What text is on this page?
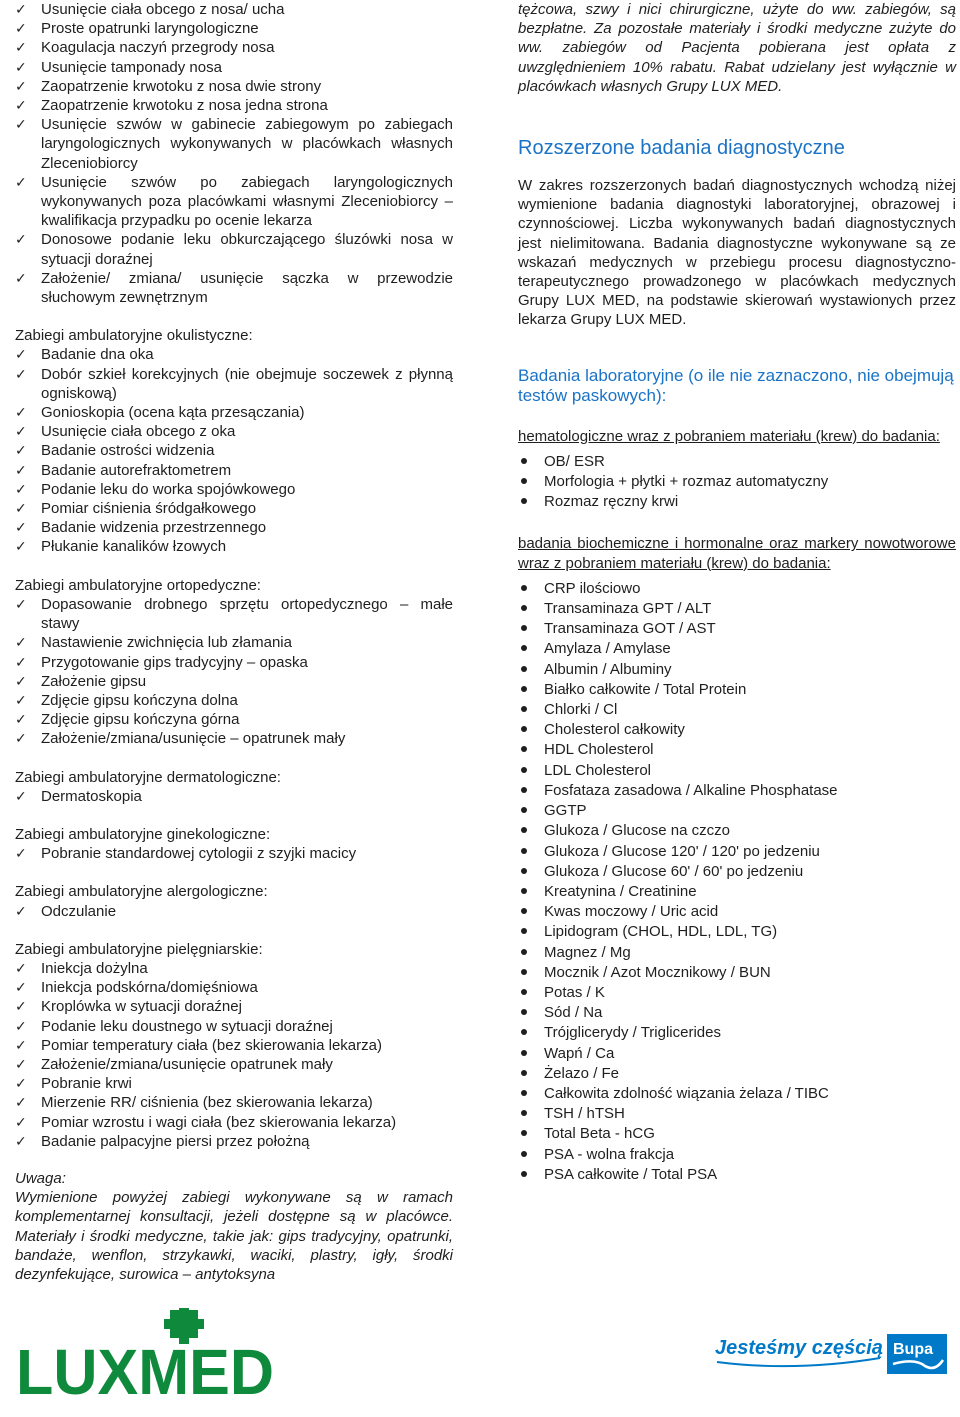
✓ Usunięcie ciała obcego z nosa/ ucha
✓ Proste opatrunki laryngologiczne
✓ Koagulacja naczyń przegrody nosa
✓ Usunięcie tamponady nosa
✓ Zaopatrzenie krwotoku z nosa dwie strony
✓ Zaopatrzenie krwotoku z nosa jedna strona
✓ Usunięcie szwów w gabinecie zabiegowym po zabiegach laryngologicznych wykonywanych w placówkach własnych Zleceniobiorcy
✓ Usunięcie szwów po zabiegach laryngologicznych wykonywanych poza placówkami własnymi Zleceniobiorcy – kwalifikacja przypadku po ocenie lekarza
✓ Donosowe podanie leku obkurczającego śluzówki nosa w sytuacji doraźnej
✓ Założenie/ zmiana/ usunięcie sączka w przewodzie słuchowym zewnętrznym

Zabiegi ambulatoryjne okulistyczne:

✓ Badanie dna oka
✓ Dobór szkieł korekcyjnych (nie obejmuje soczewek z płynną ogniskową)
✓ Gonioskopia (ocena kąta przesączania)
✓ Usunięcie ciała obcego z oka
✓ Badanie ostrości widzenia
✓ Badanie autorefraktometrem
✓ Podanie leku do worka spojówkowego
✓ Pomiar ciśnienia śródgałkowego
✓ Badanie widzenia przestrzennego
✓ Płukanie kanalików łzowych

Zabiegi ambulatoryjne ortopedyczne:

✓ Dopasowanie drobnego sprzętu ortopedycznego – małe stawy
✓ Nastawienie zwichnięcia lub złamania
✓ Przygotowanie gips tradycyjny – opaska
✓ Założenie gipsu
✓ Zdjęcie gipsu kończyna dolna
✓ Zdjęcie gipsu kończyna górna
✓ Założenie/zmiana/usunięcie – opatrunek mały

Zabiegi ambulatoryjne dermatologiczne:

✓ Dermatoskopia

Zabiegi ambulatoryjne ginekologiczne:

✓ Pobranie standardowej cytologii z szyjki macicy

Zabiegi ambulatoryjne alergologiczne:

✓ Odczulanie

Zabiegi ambulatoryjne pielęgniarskie:

✓ Iniekcja dożylna
✓ Iniekcja podskórna/domięśniowa
✓ Kroplówka w sytuacji doraźnej
✓ Podanie leku doustnego w sytuacji doraźnej
✓ Pomiar temperatury ciała (bez skierowania lekarza)
✓ Założenie/zmiana/usunięcie opatrunek mały
✓ Pobranie krwi
✓ Mierzenie RR/ ciśnienia (bez skierowania lekarza)
✓ Pomiar wzrostu i wagi ciała (bez skierowania lekarza)
✓ Badanie palpacyjne piersi przez położną

Uwaga:

Wymienione powyżej zabiegi wykonywane są w ramach komplementarnej konsultacji, jeżeli dostępne są w placówce. Materiały i środki medyczne, takie jak: gips tradycyjny, opatrunki, bandaże, wenflon, strzykawki, waciki, plastry, igły, środki dezynfekujące, surowica – antytoksyna

tężcowa, szwy i nici chirurgiczne, użyte do ww. zabiegów, są bezpłatne. Za pozostałe materiały i środki medyczne zużyte do ww. zabiegów od Pacjenta pobierana jest opłata z uwzględnieniem 10% rabatu. Rabat udzielany jest wyłącznie w placówkach własnych Grupy LUX MED.

Rozszerzone badania diagnostyczne

W zakres rozszerzonych badań diagnostycznych wchodzą niżej wymienione badania diagnostyki laboratoryjnej, obrazowej i czynnościowej. Liczba wykonywanych badań diagnostycznych jest nielimitowana. Badania diagnostyczne wykonywane są ze wskazań medycznych w przebiegu procesu diagnostyczno-terapeutycznego prowadzonego w placówkach medycznych Grupy LUX MED, na podstawie skierowań wystawionych przez lekarza Grupy LUX MED.

Badania laboratoryjne (o ile nie zaznaczono, nie obejmują testów paskowych):

hematologiczne wraz z pobraniem materiału (krew) do badania:

OB/ ESR
Morfologia + płytki + rozmaz automatyczny
Rozmaz ręczny krwi

badania biochemiczne i hormonalne oraz markery nowotworowe wraz z pobraniem materiału (krew) do badania:

CRP ilościowo
Transaminaza GPT / ALT
Transaminaza GOT / AST
Amylaza / Amylase
Albumin / Albuminy
Białko całkowite / Total Protein
Chlorki / Cl
Cholesterol całkowity
HDL Cholesterol
LDL Cholesterol
Fosfataza zasadowa / Alkaline Phosphatase
GGTP
Glukoza / Glucose na czczo
Glukoza / Glucose 120' / 120' po jedzeniu
Glukoza / Glucose 60' / 60' po jedzeniu
Kreatynina / Creatinine
Kwas moczowy / Uric acid
Lipidogram (CHOL, HDL, LDL, TG)
Magnez / Mg
Mocznik / Azot Mocznikowy / BUN
Potas / K
Sód / Na
Trójglicerydy / Triglicerides
Wapń / Ca
Żelazo / Fe
Całkowita zdolność wiązania żelaza / TIBC
TSH / hTSH
Total Beta - hCG
PSA - wolna frakcja
PSA całkowite / Total PSA
LUXMED	Jesteśmy częścią Bupa
